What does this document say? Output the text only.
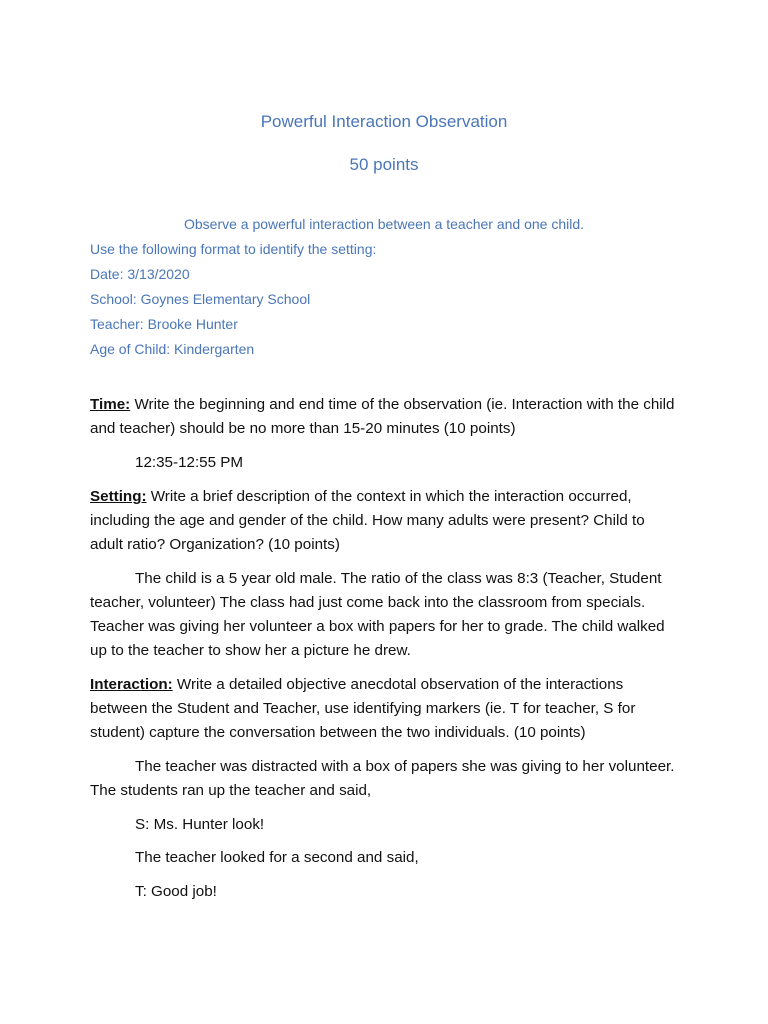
Powerful Interaction Observation
50 points
Observe a powerful interaction between a teacher and one child.
Use the following format to identify the setting:
Date: 3/13/2020
School: Goynes Elementary School
Teacher: Brooke Hunter
Age of Child: Kindergarten
Time: Write the beginning and end time of the observation (ie. Interaction with the child and teacher) should be no more than 15-20 minutes (10 points)
12:35-12:55 PM
Setting: Write a brief description of the context in which the interaction occurred, including the age and gender of the child. How many adults were present? Child to adult ratio? Organization? (10 points)
The child is a 5 year old male. The ratio of the class was 8:3 (Teacher, Student teacher, volunteer) The class had just come back into the classroom from specials. Teacher was giving her volunteer a box with papers for her to grade. The child walked up to the teacher to show her a picture he drew.
Interaction: Write a detailed objective anecdotal observation of the interactions between the Student and Teacher, use identifying markers (ie. T for teacher, S for student) capture the conversation between the two individuals. (10 points)
The teacher was distracted with a box of papers she was giving to her volunteer. The students ran up the teacher and said,
S: Ms. Hunter look!
The teacher looked for a second and said,
T: Good job!
